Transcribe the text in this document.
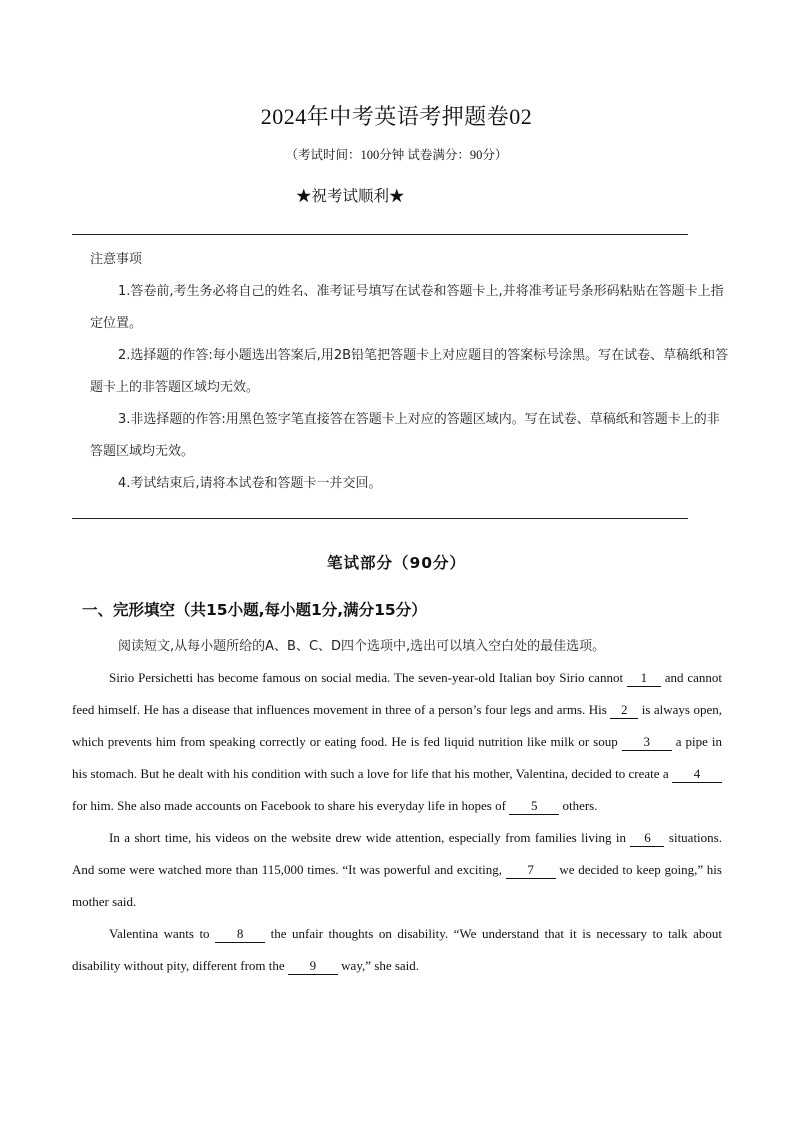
2024年中考英语考押题卷02
（考试时间：100分钟 试卷满分：90分）
★祝考试顺利★

注意事项

1.答卷前,考生务必将自己的姓名、准考证号填写在试卷和答题卡上,并将准考证号条形码粘贴在答题卡上指定位置。

2.选择题的作答:每小题选出答案后,用2B铅笔把答题卡上对应题目的答案标号涂黑。写在试卷、草稿纸和答题卡上的非答题区域均无效。

3.非选择题的作答:用黑色签字笔直接答在答题卡上对应的答题区域内。写在试卷、草稿纸和答题卡上的非答题区域均无效。

4.考试结束后,请将本试卷和答题卡一并交回。

笔试部分（90分）
一、完形填空（共15小题,每小题1分,满分15分）
阅读短文,从每小题所给的A、B、C、D四个选项中,选出可以填入空白处的最佳选项。

Sirio Persichetti has become famous on social media. The seven-year-old Italian boy Sirio cannot 1 and cannot feed himself. He has a disease that influences movement in three of a person’s four legs and arms. His 2 is always open, which prevents him from speaking correctly or eating food. He is fed liquid nutrition like milk or soup 3 a pipe in his stomach. But he dealt with his condition with such a love for life that his mother, Valentina, decided to create a 4 for him. She also made accounts on Facebook to share his everyday life in hopes of 5 others.

In a short time, his videos on the website drew wide attention, especially from families living in 6 situations. And some were watched more than 115,000 times. “It was powerful and exciting, 7 we decided to keep going,” his mother said.

Valentina wants to 8 the unfair thoughts on disability. “We understand that it is necessary to talk about disability without pity, different from the 9 way,” she said.
